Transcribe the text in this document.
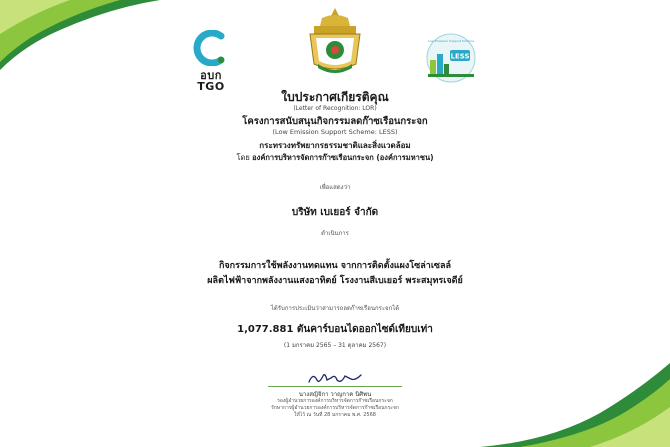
อบก TGO
LESS
Low Emission Support Scheme
ใบประกาศเกียรติคุณ
(Letter of Recognition: LOR)
โครงการสนับสนุนกิจกรรมลดก๊าซเรือนกระจก
(Low Emission Support Scheme: LESS)
กระทรวงทรัพยากรธรรมชาติและสิ่งแวดล้อม
โดย องค์การบริหารจัดการก๊าซเรือนกระจก (องค์การมหาชน)
เพื่อแสดงว่า
บริษัท เบเยอร์ จำกัด
ดำเนินการ
กิจกรรมการใช้พลังงานทดแทน จากการติดตั้งแผงโซล่าเซลล์
ผลิตไฟฟ้าจากพลังงานแสงอาทิตย์ โรงงานสีเบเยอร์ พระสมุทรเจดีย์
ได้รับการประเมินว่าสามารถลดก๊าซเรือนกระจกได้
1,077.881 ตันคาร์บอนไดออกไซด์เทียบเท่า
(1 มกราคม 2565 – 31 ตุลาคม 2567)
นางสญิจิกา วาญกาค นิศิพน
รองผู้อำนวยการองค์การบริหารจัดการก๊าซเรือนกระจก
รักษาการผู้อำนวยการองค์การบริหารจัดการก๊าซเรือนกระจก
ให้ไว้ ณ วันที่ 28 มกราคม พ.ศ. 2568
